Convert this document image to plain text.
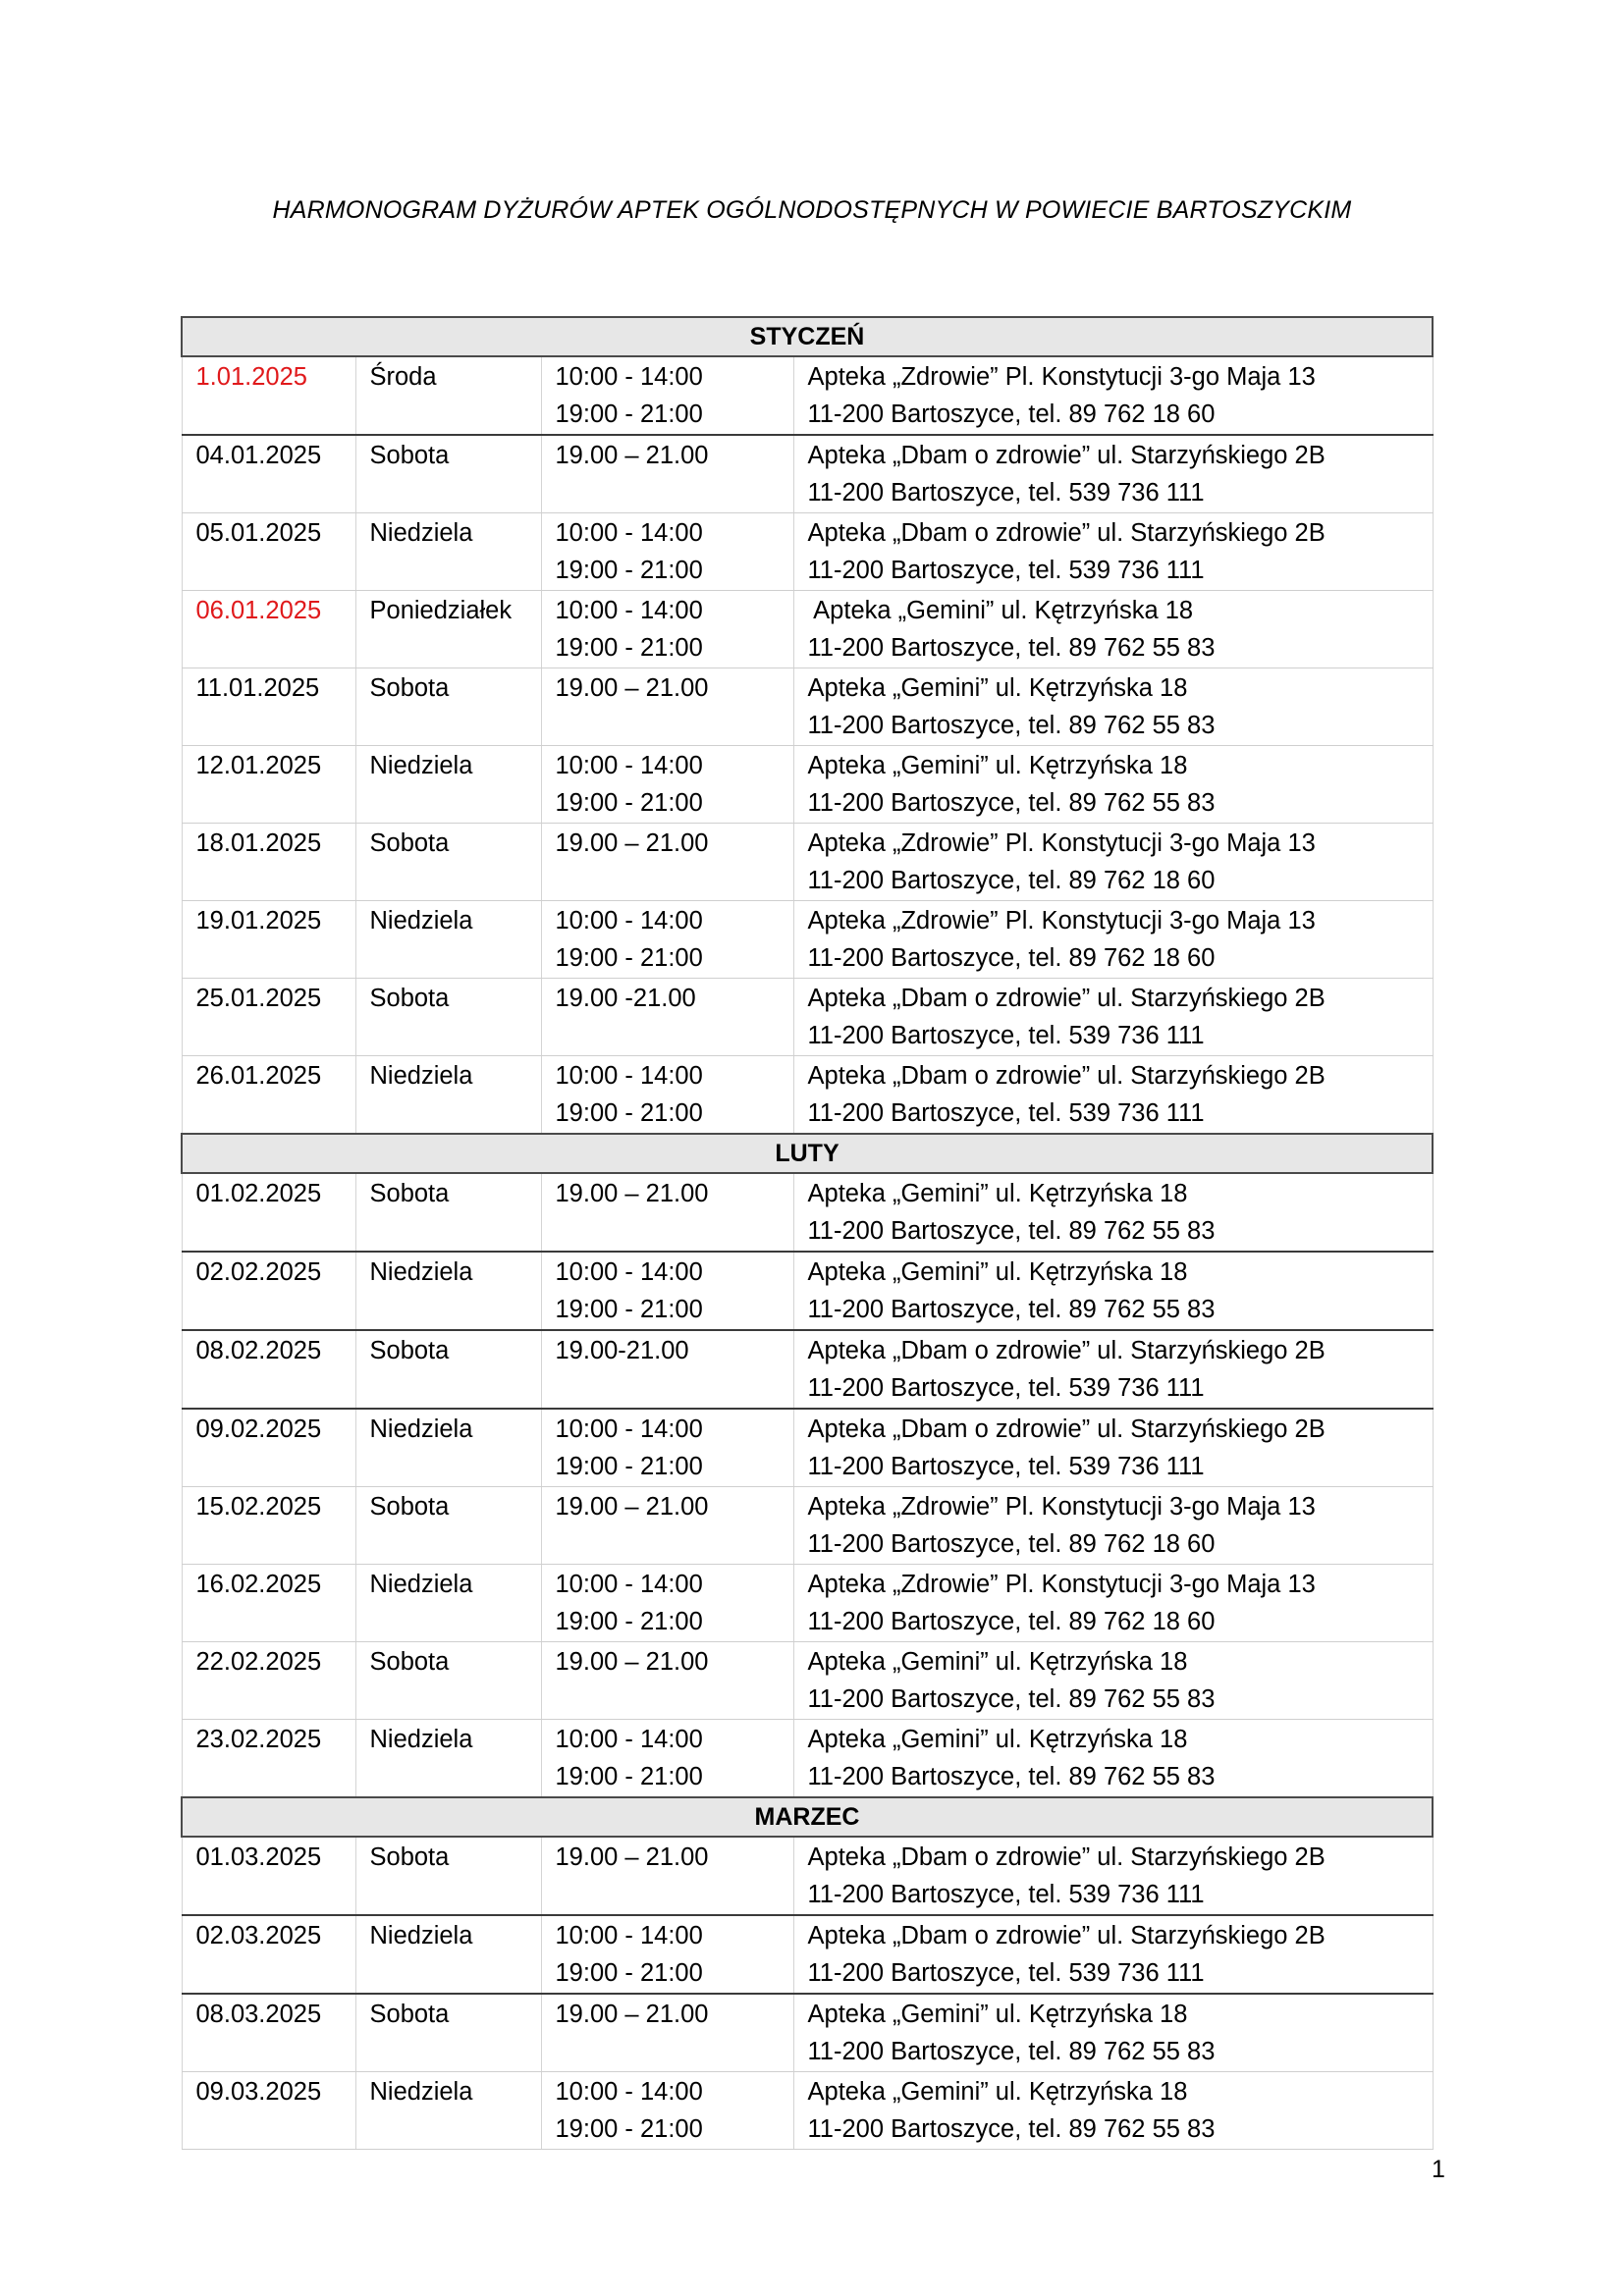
HARMONOGRAM DYŻURÓW APTEK OGÓLNODOSTĘPNYCH W POWIECIE BARTOSZYCKIM
STYCZEŃ			
1.01.2025	Środa	10:00 - 14:00
19:00 - 21:00	Apteka „Zdrowie” Pl. Konstytucji 3-go Maja 13
11-200 Bartoszyce, tel. 89 762 18 60

04.01.2025	Sobota	19.00 – 21.00	Apteka „Dbam o zdrowie” ul. Starzyńskiego 2B
11-200 Bartoszyce, tel. 539 736 111

05.01.2025	Niedziela	10:00 - 14:00
19:00 - 21:00	Apteka „Dbam o zdrowie” ul. Starzyńskiego 2B
11-200 Bartoszyce, tel. 539 736 111

06.01.2025	Poniedziałek	10:00 - 14:00
19:00 - 21:00	Apteka „Gemini” ul. Kętrzyńska 18
11-200 Bartoszyce, tel. 89 762 55 83

11.01.2025	Sobota	19.00 – 21.00	Apteka „Gemini” ul. Kętrzyńska 18
11-200 Bartoszyce, tel. 89 762 55 83

12.01.2025	Niedziela	10:00 - 14:00
19:00 - 21:00	Apteka „Gemini” ul. Kętrzyńska 18
11-200 Bartoszyce, tel. 89 762 55 83

18.01.2025	Sobota	19.00 – 21.00	Apteka „Zdrowie” Pl. Konstytucji 3-go Maja 13
11-200 Bartoszyce, tel. 89 762 18 60

19.01.2025	Niedziela	10:00 - 14:00
19:00 - 21:00	Apteka „Zdrowie” Pl. Konstytucji 3-go Maja 13
11-200 Bartoszyce, tel. 89 762 18 60

25.01.2025	Sobota	19.00 -21.00	Apteka „Dbam o zdrowie” ul. Starzyńskiego 2B
11-200 Bartoszyce, tel. 539 736 111

26.01.2025	Niedziela	10:00 - 14:00
19:00 - 21:00	Apteka „Dbam o zdrowie” ul. Starzyńskiego 2B
11-200 Bartoszyce, tel. 539 736 111

LUTY			
01.02.2025	Sobota	19.00 – 21.00	Apteka „Gemini” ul. Kętrzyńska 18
11-200 Bartoszyce, tel. 89 762 55 83

02.02.2025	Niedziela	10:00 - 14:00
19:00 - 21:00	Apteka „Gemini” ul. Kętrzyńska 18
11-200 Bartoszyce, tel. 89 762 55 83

08.02.2025	Sobota	19.00-21.00	Apteka „Dbam o zdrowie” ul. Starzyńskiego 2B
11-200 Bartoszyce, tel. 539 736 111

09.02.2025	Niedziela	10:00 - 14:00
19:00 - 21:00	Apteka „Dbam o zdrowie” ul. Starzyńskiego 2B
11-200 Bartoszyce, tel. 539 736 111

15.02.2025	Sobota	19.00 – 21.00	Apteka „Zdrowie” Pl. Konstytucji 3-go Maja 13
11-200 Bartoszyce, tel. 89 762 18 60

16.02.2025	Niedziela	10:00 - 14:00
19:00 - 21:00	Apteka „Zdrowie” Pl. Konstytucji 3-go Maja 13
11-200 Bartoszyce, tel. 89 762 18 60

22.02.2025	Sobota	19.00 – 21.00	Apteka „Gemini” ul. Kętrzyńska 18
11-200 Bartoszyce, tel. 89 762 55 83

23.02.2025	Niedziela	10:00 - 14:00
19:00 - 21:00	Apteka „Gemini” ul. Kętrzyńska 18
11-200 Bartoszyce, tel. 89 762 55 83

MARZEC			
01.03.2025	Sobota	19.00 – 21.00	Apteka „Dbam o zdrowie” ul. Starzyńskiego 2B
11-200 Bartoszyce, tel. 539 736 111

02.03.2025	Niedziela	10:00 - 14:00
19:00 - 21:00	Apteka „Dbam o zdrowie” ul. Starzyńskiego 2B
11-200 Bartoszyce, tel. 539 736 111

08.03.2025	Sobota	19.00 – 21.00	Apteka „Gemini” ul. Kętrzyńska 18
11-200 Bartoszyce, tel. 89 762 55 83

09.03.2025	Niedziela	10:00 - 14:00
19:00 - 21:00	Apteka „Gemini” ul. Kętrzyńska 18
11-200 Bartoszyce, tel. 89 762 55 83
1
